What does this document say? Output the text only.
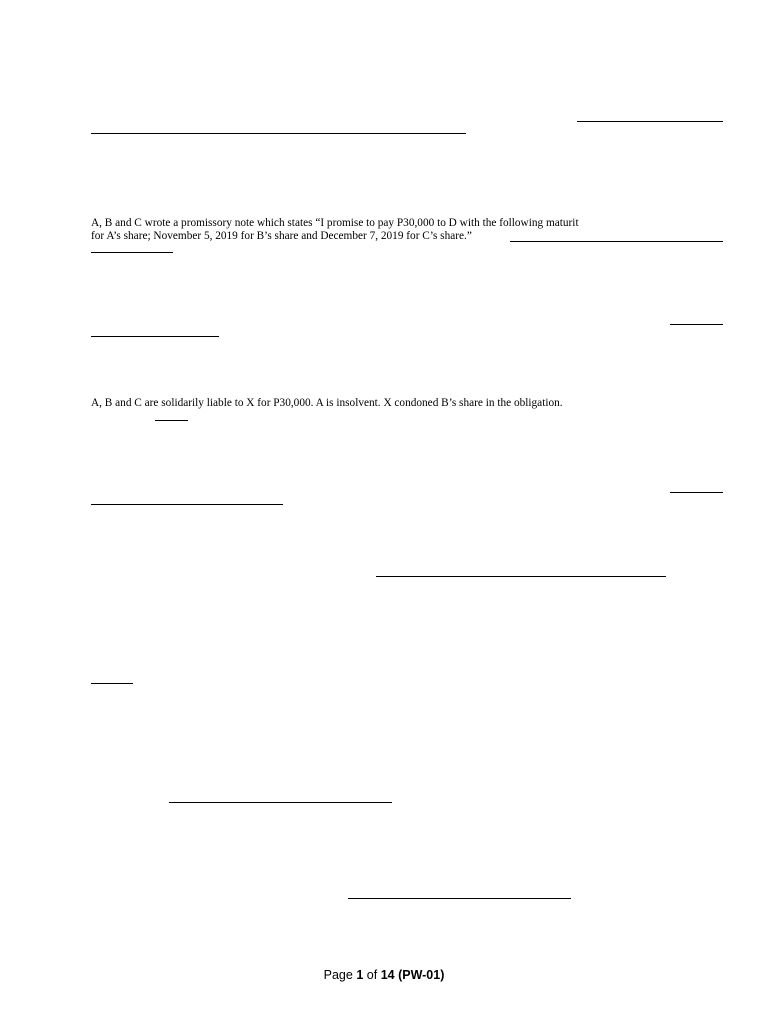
A, B and C wrote a promissory note which states “I promise to pay P30,000 to D with the following maturit
for A’s share; November 5, 2019 for B’s share and December 7, 2019 for C’s share.”
A, B and C are solidarily liable to X for P30,000. A is insolvent. X condoned B’s share in the obligation.
Page 1 of 14 (PW-01)
